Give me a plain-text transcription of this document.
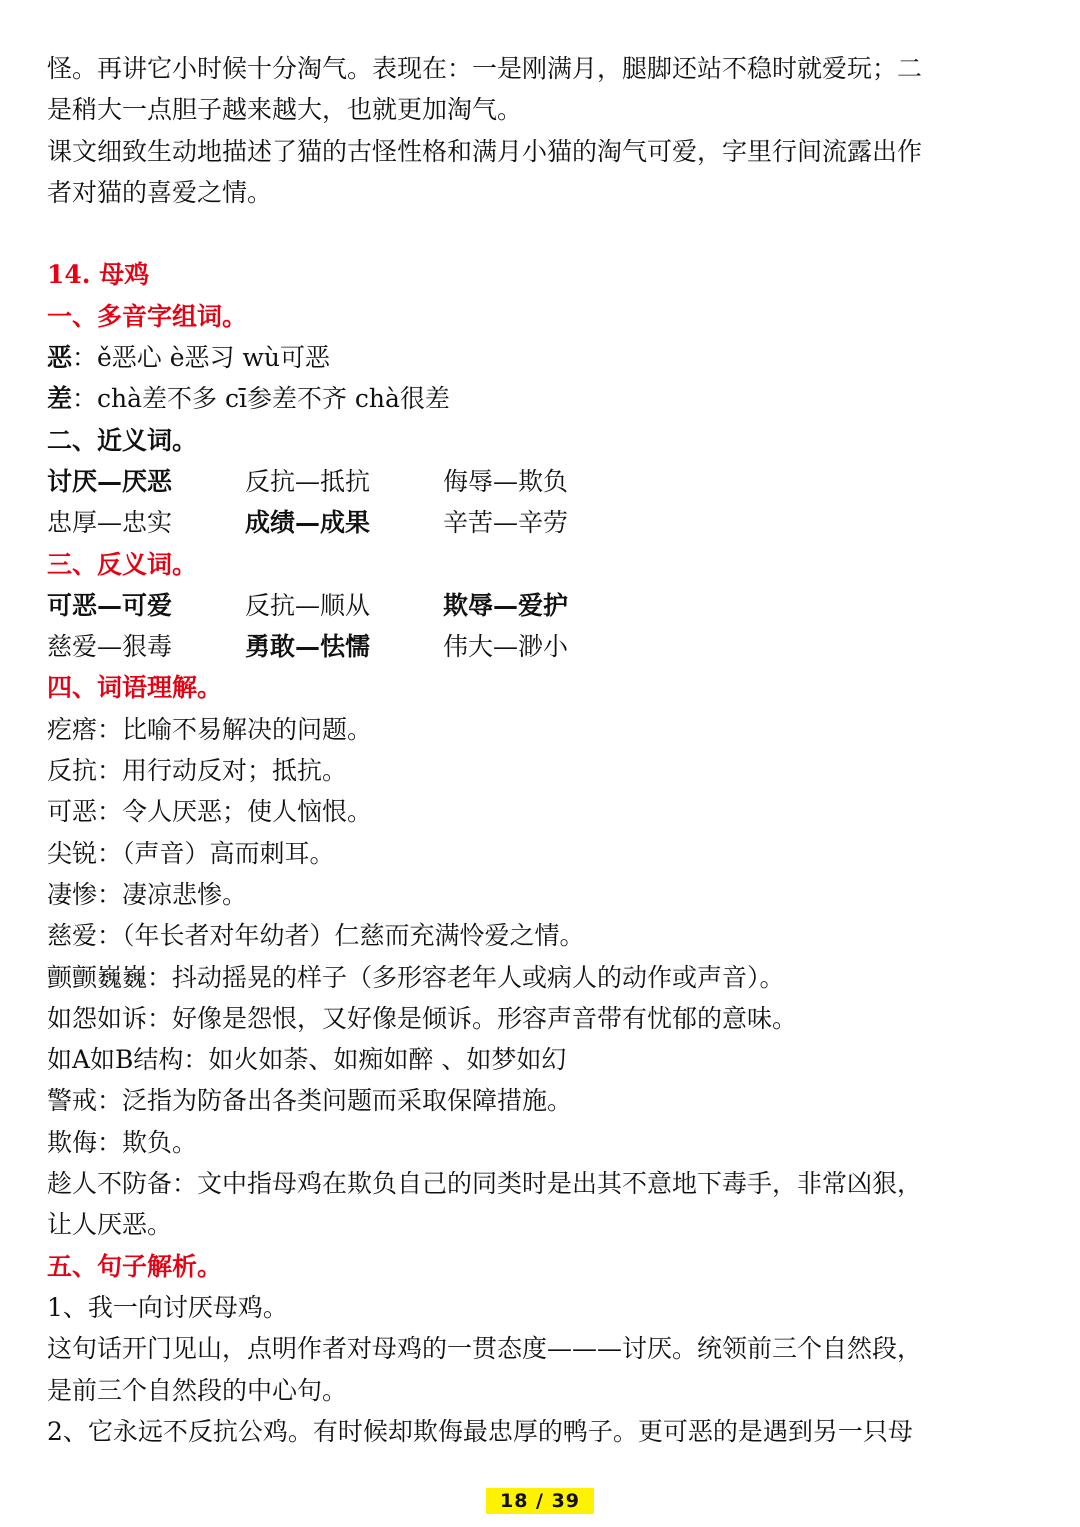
怪。再讲它小时候十分淘气。表现在：一是刚满月，腿脚还站不稳时就爱玩；二
是稍大一点胆子越来越大，也就更加淘气。
课文细致生动地描述了猫的古怪性格和满月小猫的淘气可爱，字里行间流露出作
者对猫的喜爱之情。
14. 母鸡
一、多音字组词。
恶：ě恶心 è恶习 wù可恶
差：chà差不多 cī参差不齐 chà很差
二、近义词。
讨厌—厌恶	反抗—抵抗	侮辱—欺负
忠厚—忠实	成绩—成果	辛苦—辛劳
三、反义词。
可恶—可爱	反抗—顺从	欺辱—爱护
慈爱—狠毒	勇敢—怯懦	伟大—渺小
四、词语理解。
疙瘩：比喻不易解决的问题。
反抗：用行动反对；抵抗。
可恶：令人厌恶；使人恼恨。
尖锐：（声音）高而刺耳。
凄惨：凄凉悲惨。
慈爱：（年长者对年幼者）仁慈而充满怜爱之情。
颤颤巍巍：抖动摇晃的样子（多形容老年人或病人的动作或声音）。
如怨如诉：好像是怨恨，又好像是倾诉。形容声音带有忧郁的意味。
如A如B结构：如火如荼、如痴如醉 、如梦如幻
警戒：泛指为防备出各类问题而采取保障措施。
欺侮：欺负。
趁人不防备：文中指母鸡在欺负自己的同类时是出其不意地下毒手，非常凶狠，
让人厌恶。
五、句子解析。
1、我一向讨厌母鸡。
这句话开门见山，点明作者对母鸡的一贯态度———讨厌。统领前三个自然段，
是前三个自然段的中心句。
2、它永远不反抗公鸡。有时候却欺侮最忠厚的鸭子。更可恶的是遇到另一只母
18 / 39
